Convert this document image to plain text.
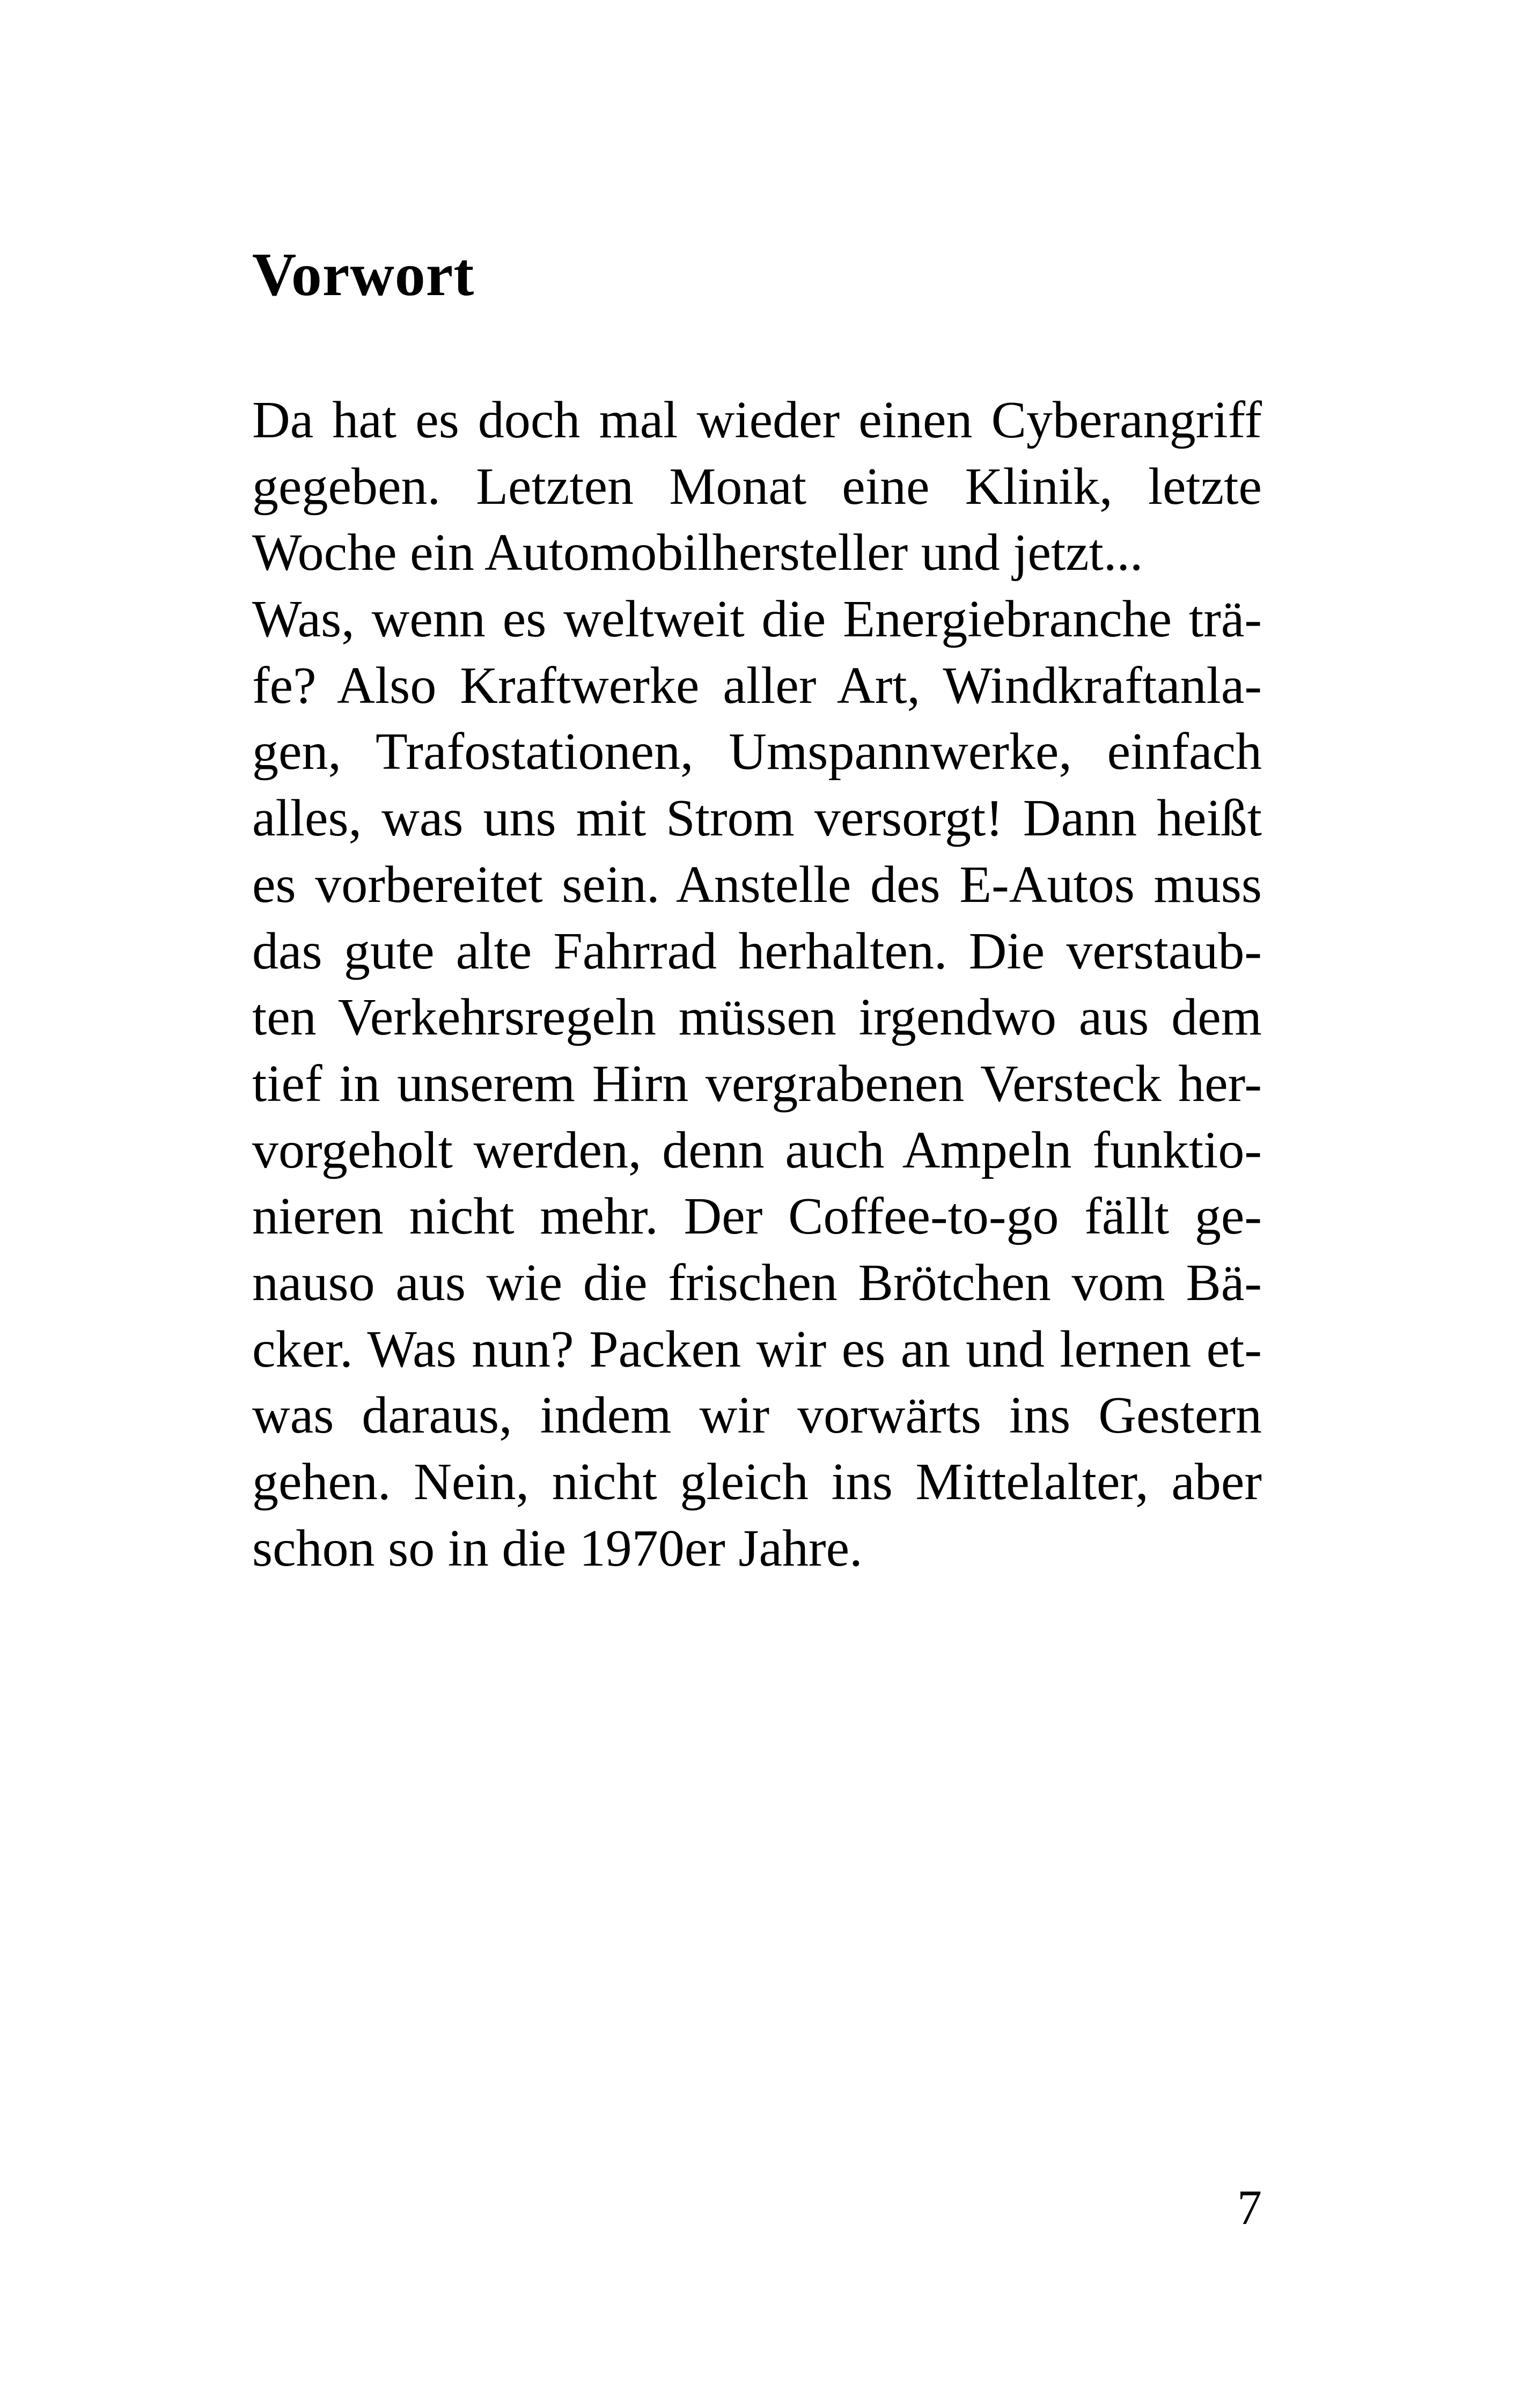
Vorwort
Da hat es doch mal wieder einen Cyberangriff
gegeben. Letzten Monat eine Klinik, letzte
Woche ein Automobilhersteller und jetzt...
Was, wenn es weltweit die Energiebranche trä-
fe? Also Kraftwerke aller Art, Windkraftanla-
gen, Trafostationen, Umspannwerke, einfach
alles, was uns mit Strom versorgt! Dann heißt
es vorbereitet sein. Anstelle des E-Autos muss
das gute alte Fahrrad herhalten. Die verstaub-
ten Verkehrsregeln müssen irgendwo aus dem
tief in unserem Hirn vergrabenen Versteck her-
vorgeholt werden, denn auch Ampeln funktio-
nieren nicht mehr. Der Coffee-to-go fällt ge-
nauso aus wie die frischen Brötchen vom Bä-
cker. Was nun? Packen wir es an und lernen et-
was daraus, indem wir vorwärts ins Gestern
gehen. Nein, nicht gleich ins Mittelalter, aber
schon so in die 1970er Jahre.
7
